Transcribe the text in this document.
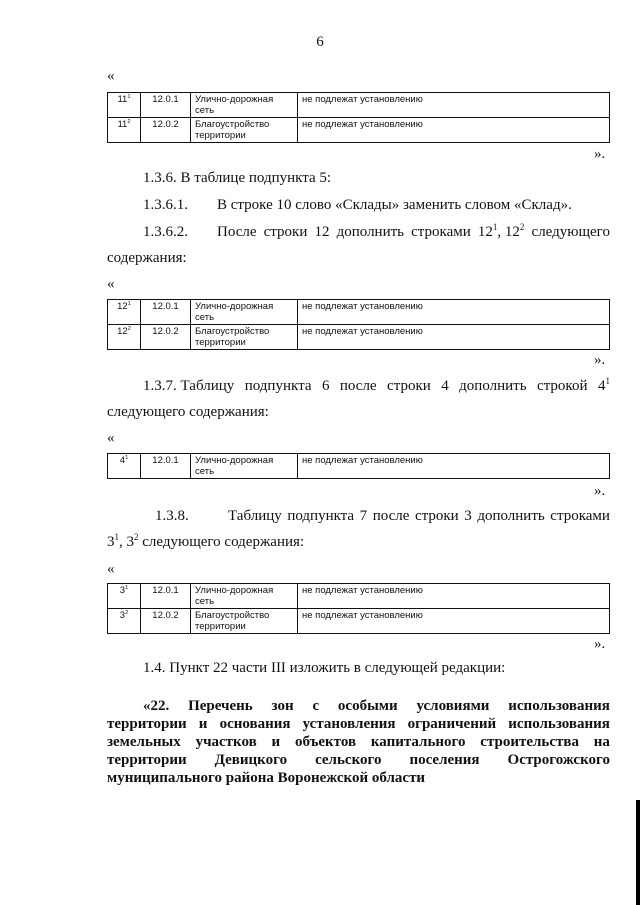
6
«
$11^1$	12.0.1	Улично-дорожная сеть	не подлежат установлению
$11^2$	12.0.2	Благоустройство территории	не подлежат установлению
».
1.3.6. В таблице подпункта 5:
1.3.6.1. В строке 10 слово «Склады» заменить словом «Склад».
1.3.6.2. После строки 12 дополнить строками $12^1$, $12^2$ следующего
содержания:
«
$12^1$	12.0.1	Улично-дорожная сеть	не подлежат установлению
$12^2$	12.0.2	Благоустройство территории	не подлежат установлению
».
1.3.7. Таблицу подпункта 6 после строки 4 дополнить строкой $4^1$
следующего содержания:
«
$4^1$	12.0.1	Улично-дорожная сеть	не подлежат установлению
».
1.3.8.	Таблицу подпункта 7 после строки 3 дополнить строками
$3^1$, $3^2$ следующего содержания:
«
$3^1$	12.0.1	Улично-дорожная сеть	не подлежат установлению
$3^2$	12.0.2	Благоустройство территории	не подлежат установлению
».
1.4. Пункт 22 части III изложить в следующей редакции:
«22. Перечень зон с особыми условиями использования
территории и основания установления ограничений использования
земельных участков и объектов капитального строительства на
территории Девицкого сельского поселения Острогожского
муниципального района Воронежской области
